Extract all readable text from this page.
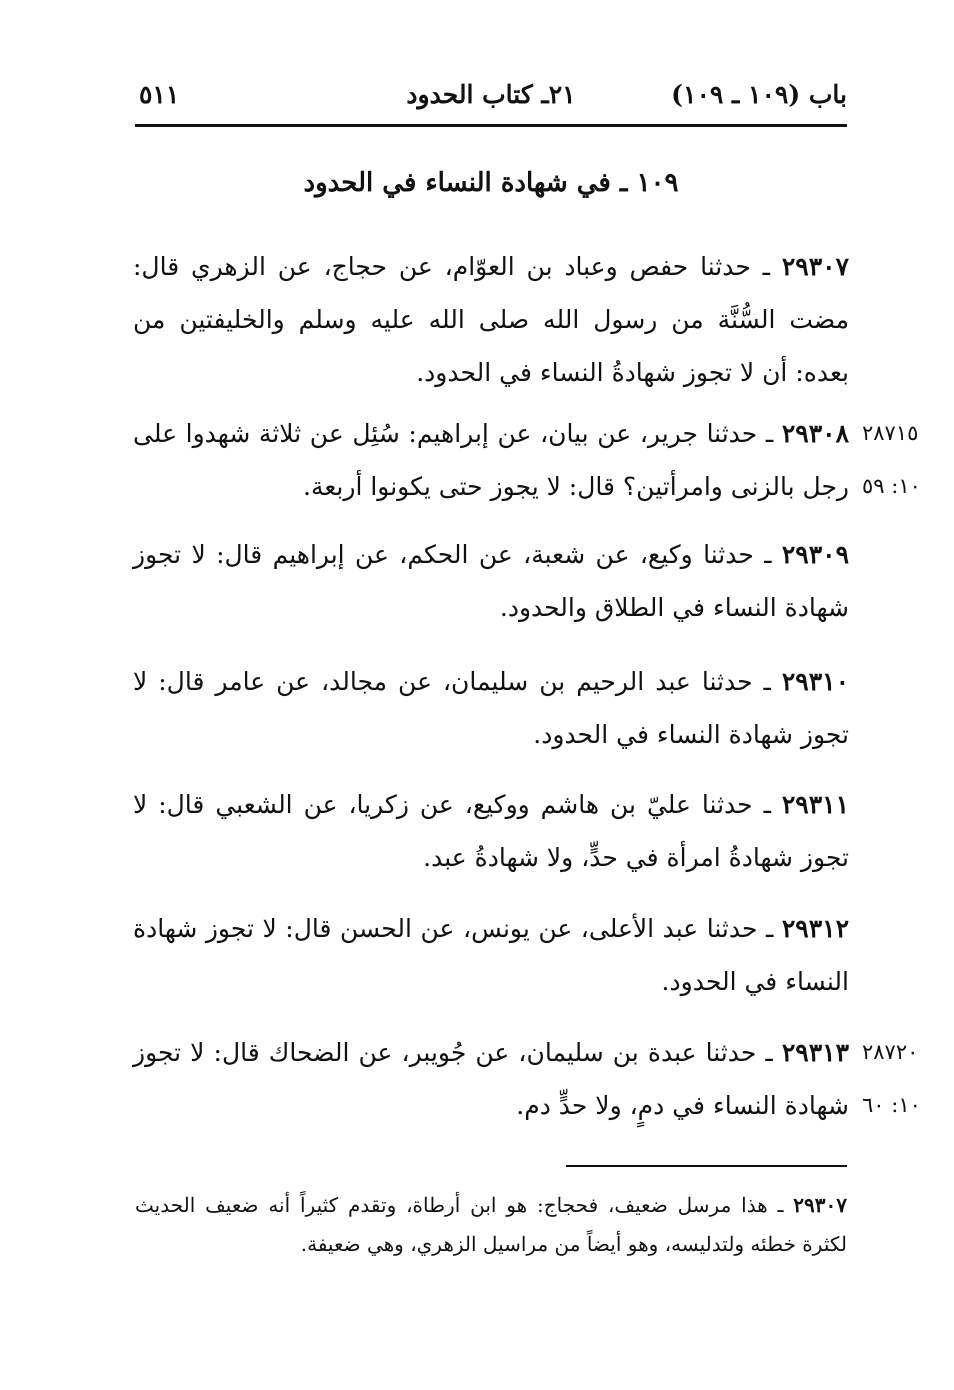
باب (١٠٩ ـ ١٠٩)
٢١ـ كتاب الحدود
٥١١
١٠٩ ـ في شهادة النساء في الحدود
٢٩٣٠٧ ـ حدثنا حفص وعباد بن العوّام، عن حجاج، عن الزهري قال: مضت السُّنَّة من رسول الله صلى الله عليه وسلم والخليفتين من بعده: أن لا تجوز شهادةُ النساء في الحدود.
٢٩٣٠٨ ـ حدثنا جرير، عن بيان، عن إبراهيم: سُئِل عن ثلاثة شهدوا على رجل بالزنى وامرأتين؟ قال: لا يجوز حتى يكونوا أربعة.
٢٨٧١٥
١٠: ٥٩
٢٩٣٠٩ ـ حدثنا وكيع، عن شعبة، عن الحكم، عن إبراهيم قال: لا تجوز شهادة النساء في الطلاق والحدود.
٢٩٣١٠ ـ حدثنا عبد الرحيم بن سليمان، عن مجالد، عن عامر قال: لا تجوز شهادة النساء في الحدود.
٢٩٣١١ ـ حدثنا عليّ بن هاشم ووكيع، عن زكريا، عن الشعبي قال: لا تجوز شهادةُ امرأة في حدٍّ، ولا شهادةُ عبد.
٢٩٣١٢ ـ حدثنا عبد الأعلى، عن يونس، عن الحسن قال: لا تجوز شهادة النساء في الحدود.
٢٩٣١٣ ـ حدثنا عبدة بن سليمان، عن جُويبر، عن الضحاك قال: لا تجوز شهادة النساء في دمٍ، ولا حدٍّ دم.
٢٨٧٢٠
١٠: ٦٠
٢٩٣٠٧ ـ هذا مرسل ضعيف، فحجاج: هو ابن أرطاة، وتقدم كثيراً أنه ضعيف الحديث لكثرة خطئه ولتدليسه، وهو أيضاً من مراسيل الزهري، وهي ضعيفة.
